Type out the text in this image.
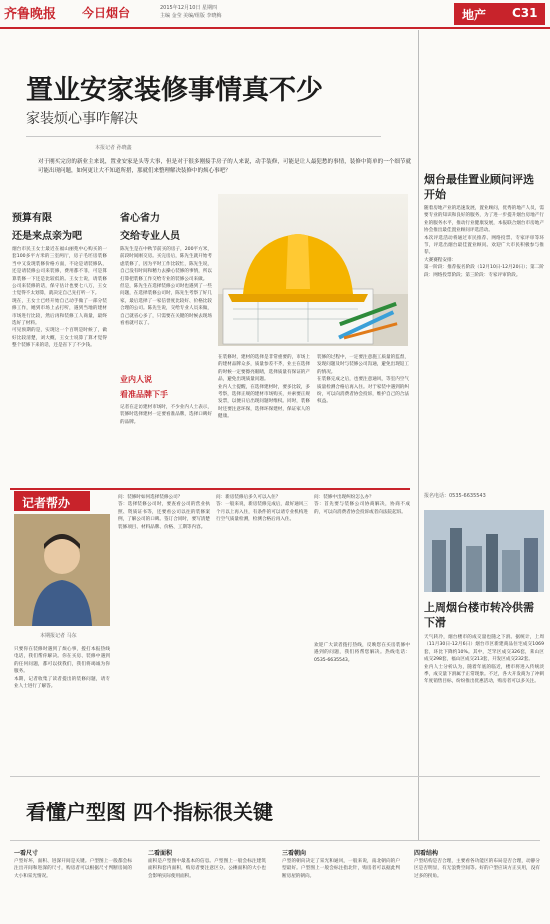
齐鲁晚报	今日烟台	2015年12月10日 星期四
主编 金莹 美编/组版 李晓梅	地产 C31
置业安家装修事情真不少
家装烦心事咋解决
本报记者 孙晓鑫
对于刚买完房的新业主来说，置业安家是头等大事，但是对于很多刚接手房子的人来说，动手装修，可能是让人最犯愁的事情，装修中简单的一个细节就可能出现问题，如何更让大不知道所措，那就们来整理解决装修中的烦心事吧？
预算有限
还是来点亲为吧
烟台市民王女士最近在福山丽苑中心购买的一套100多平方米的三室两厅，房子毛坯房装修当中又发现装修价格方面，不论是请装修队，还是请装修公司来装修，费用都不菲，可是算算装修一下还是比较低的。王女士说，请装修公司来装修的话，保守估计也要七八万，王女士觉得不太划算，就决定自己先打听一下。
现在，王女士已经开始自己动手做了一部分装修工作，她到市场上去打听，遇到当地的建材市场进行比较，然后再和装修工人商量，最终选好了材料。
可见预期的是，实现这一个百明是时候了，做好比较清楚，刘大概，王女士说算了算才觉得整个装修下来的话，还是省下了不少钱。
省心省力
交给专业人员
陈先生是在中秋节前买的房子，200平方米，前段时间刚交房。买完房后，陈先生就开始考虑装修了，因为平时工作比较忙，陈先生说，自己没有时间和精力去操心装修的事情，所以打算把装修工作交给专业的装修公司来做。
但是，陈先生在选择装修公司时也遇到了一些问题，在选择装修公司时，陈先生考察了好几家，最后选择了一家信誉度比较好、价格比较合理的公司。陈先生说，交给专业人员来做，自己就省心多了，只需要在关键的时候去现场看看就可以了。
业内人说
看准品牌下手
记者在走访建材市场时，不少业内人士表示，装修时选择建材一定要看准品牌，选择口碑好的品牌。
在装修时，建材的选择是非常重要的，市场上的建材品牌众多，质量参差不齐，业主在选择的时候一定要擦亮眼睛，选择质量有保证的产品，避免出现质量问题。
业内人士提醒，在选择建材时，要多比较，多考察，选择正规的建材市场购买，并索要正规发票，以便日后出现问题时维权。同时，装修时还要注意环保，选择环保建材，保证家人的健康。
装修的过程中，一定要注意施工质量的监督，发现问题及时与装修公司沟通，避免出现返工的情况。
在装修完成之后，也要注意通风，等室内空气质量检测合格后再入住。对于家装中遇到的纠纷，可以向消费者协会投诉，维护自己的合法权益。
记者帮办
本期报记者 马东
只要你在装修时遇到了烦心事，拨打本报热线电话，我们帮你解决。你在买房、装修中遇到的任何问题，都可以找我们，我们将竭诚为你服务。
本期，记者收集了读者提出的装修问题，请专业人士进行了解答。
问：装修时如何选择装修公司？
答：选择装修公司时，要查看公司的营业执照、资质证书等，还要看公司以往的装修案例，了解公司的口碑。签订合同时，要写清楚装修项目、材料品牌、价格、工期等内容。
问：新房装修后多久可以入住？
答：一般来说，新房装修完成后，最好通风三个月以上再入住，有条件的可以请专业机构进行空气质量检测，检测合格后再入住。
问：装修中出现纠纷怎么办？
答：首先要与装修公司协商解决，协商不成的，可以向消费者协会投诉或者向法院起诉。
欢迎广大读者拨打热线，反映您在买房装修中遇到的问题，我们将帮您解决。热线电话：0535-6635543。
烟台最佳置业顾问评选开始
随着房地产业的迅速发展，置业顾问，优秀的地产人员，需要专业的知识和良好的服务，为了进一步提升烟台房地产行业的服务水平，推动行业健康发展，本报联合烟台市房地产协会推出最佳置业顾问评选活动。
本次评选活动将通过市民推荐、网络投票、专家评审等环节，评选出烟台最佳置业顾问。欢迎广大市民积极参与推荐。
大赛赛程安排：
第一阶段：推荐报名阶段（12月10日-12月20日）；第二阶段：网络投票阶段；第三阶段：专家评审阶段。
报名电话：0535-6635543
上周烟台楼市转冷供需下滑
天气转冷，烟台楼市的成交量也随之下滑。据统计，上周（11月30日-12月6日）烟台市区新建商品住宅成交1069套，环比下降约10%。其中，芝罘区成交326套，莱山区成交298套，福山区成交213套，开发区成交232套。
业内人士分析认为，随着年底的临近，楼市将进入传统淡季，成交量下滑属于正常现象。不过，各大开发商为了冲刺年度销售目标，纷纷推出优惠活动，购房者可以多关注。
看懂户型图 四个指标很关键
一看尺寸
户型好坏，面积、进深开间是关键。户型图上一般都会标注出开间和进深的尺寸，购房者可以根据尺寸判断房间的大小和采光情况。
二看面积
面积是户型图中最基本的信息。户型图上一般会标注建筑面积和套内面积，购房者要注意区分。公摊面积的大小也会影响实际使用面积。
三看朝向
户型的朝向决定了采光和通风，一般来说，南北朝向的户型最好。户型图上一般会标注指北针，购房者可以据此判断房屋的朝向。
四看结构
户型结构是否合理，主要看各功能区的布局是否合理，动静分区是否明显，有无浪费空间等。好的户型应该方正实用，没有过多的拐角。
